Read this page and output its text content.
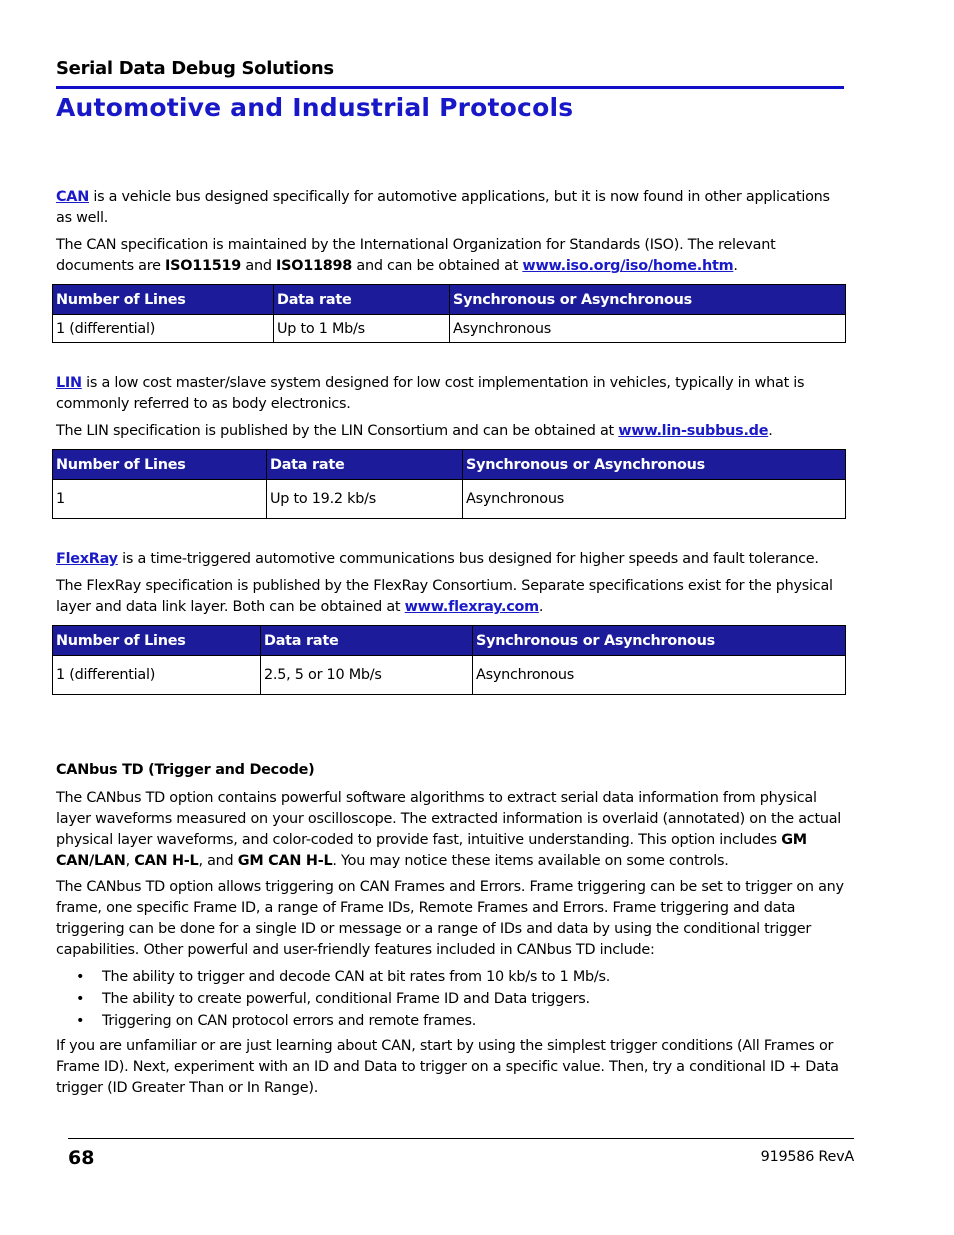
Serial Data Debug Solutions
Automotive and Industrial Protocols

CAN is a vehicle bus designed specifically for automotive applications, but it is now found in other applications as well.

The CAN specification is maintained by the International Organization for Standards (ISO). The relevant documents are ISO11519 and ISO11898 and can be obtained at www.iso.org/iso/home.htm.

Number of Lines	Data rate	Synchronous or Asynchronous
1 (differential)	Up to 1 Mb/s	Asynchronous

LIN is a low cost master/slave system designed for low cost implementation in vehicles, typically in what is commonly referred to as body electronics.

The LIN specification is published by the LIN Consortium and can be obtained at www.lin-subbus.de.

Number of Lines	Data rate	Synchronous or Asynchronous
1	Up to 19.2 kb/s	Asynchronous

FlexRay is a time-triggered automotive communications bus designed for higher speeds and fault tolerance.

The FlexRay specification is published by the FlexRay Consortium. Separate specifications exist for the physical layer and data link layer. Both can be obtained at www.flexray.com.

Number of Lines	Data rate	Synchronous or Asynchronous
1 (differential)	2.5, 5 or 10 Mb/s	Asynchronous
CANbus TD (Trigger and Decode)

The CANbus TD option contains powerful software algorithms to extract serial data information from physical layer waveforms measured on your oscilloscope. The extracted information is overlaid (annotated) on the actual physical layer waveforms, and color-coded to provide fast, intuitive understanding. This option includes GM CAN/LAN, CAN H-L, and GM CAN H-L. You may notice these items available on some controls.

The CANbus TD option allows triggering on CAN Frames and Errors. Frame triggering can be set to trigger on any frame, one specific Frame ID, a range of Frame IDs, Remote Frames and Errors. Frame triggering and data triggering can be done for a single ID or message or a range of IDs and data by using the conditional trigger capabilities. Other powerful and user-friendly features included in CANbus TD include:

• The ability to trigger and decode CAN at bit rates from 10 kb/s to 1 Mb/s.
• The ability to create powerful, conditional Frame ID and Data triggers.
• Triggering on CAN protocol errors and remote frames.

If you are unfamiliar or are just learning about CAN, start by using the simplest trigger conditions (All Frames or Frame ID). Next, experiment with an ID and Data to trigger on a specific value. Then, try a conditional ID + Data trigger (ID Greater Than or In Range).

68	919586 RevA
